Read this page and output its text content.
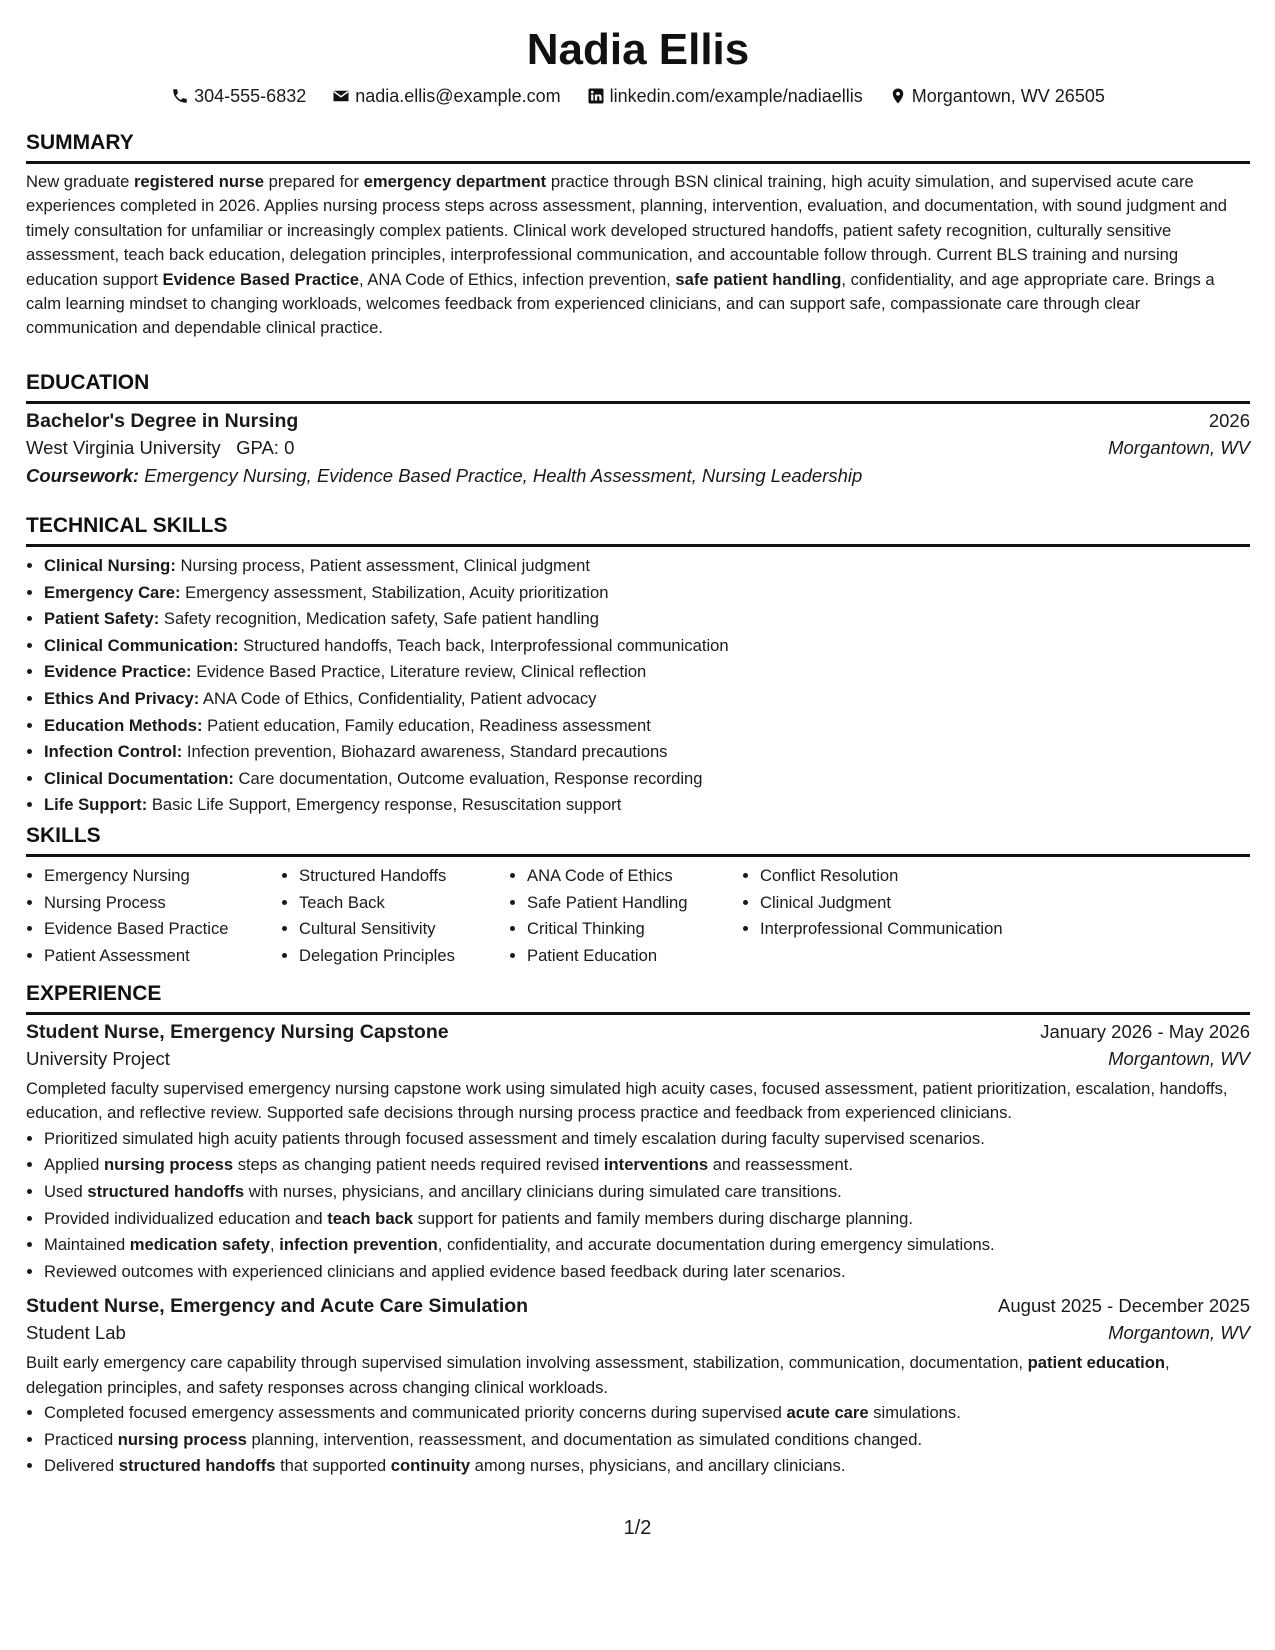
Nadia Ellis
304-555-6832	nadia.ellis@example.com	linkedin.com/example/nadiaellis	Morgantown, WV 26505
SUMMARY

New graduate registered nurse prepared for emergency department practice through BSN clinical training, high acuity simulation, and supervised acute care experiences completed in 2026. Applies nursing process steps across assessment, planning, intervention, evaluation, and documentation, with sound judgment and timely consultation for unfamiliar or increasingly complex patients. Clinical work developed structured handoffs, patient safety recognition, culturally sensitive assessment, teach back education, delegation principles, interprofessional communication, and accountable follow through. Current BLS training and nursing education support Evidence Based Practice, ANA Code of Ethics, infection prevention, safe patient handling, confidentiality, and age appropriate care. Brings a calm learning mindset to changing workloads, welcomes feedback from experienced clinicians, and can support safe, compassionate care through clear communication and dependable clinical practice.

EDUCATION
Bachelor's Degree in Nursing	2026
West Virginia University GPA: 0	Morgantown, WV
Coursework: Emergency Nursing, Evidence Based Practice, Health Assessment, Nursing Leadership
TECHNICAL SKILLS
• Clinical Nursing: Nursing process, Patient assessment, Clinical judgment
• Emergency Care: Emergency assessment, Stabilization, Acuity prioritization
• Patient Safety: Safety recognition, Medication safety, Safe patient handling
• Clinical Communication: Structured handoffs, Teach back, Interprofessional communication
• Evidence Practice: Evidence Based Practice, Literature review, Clinical reflection
• Ethics And Privacy: ANA Code of Ethics, Confidentiality, Patient advocacy
• Education Methods: Patient education, Family education, Readiness assessment
• Infection Control: Infection prevention, Biohazard awareness, Standard precautions
• Clinical Documentation: Care documentation, Outcome evaluation, Response recording
• Life Support: Basic Life Support, Emergency response, Resuscitation support
SKILLS
• Emergency Nursing
• Nursing Process
• Evidence Based Practice
• Patient Assessment
• Structured Handoffs
• Teach Back
• Cultural Sensitivity
• Delegation Principles
• ANA Code of Ethics
• Safe Patient Handling
• Critical Thinking
• Patient Education
• Conflict Resolution
• Clinical Judgment
• Interprofessional Communication
EXPERIENCE
Student Nurse, Emergency Nursing Capstone	January 2026 - May 2026
University Project	Morgantown, WV

Completed faculty supervised emergency nursing capstone work using simulated high acuity cases, focused assessment, patient prioritization, escalation, handoffs, education, and reflective review. Supported safe decisions through nursing process practice and feedback from experienced clinicians.

• Prioritized simulated high acuity patients through focused assessment and timely escalation during faculty supervised scenarios.
• Applied nursing process steps as changing patient needs required revised interventions and reassessment.
• Used structured handoffs with nurses, physicians, and ancillary clinicians during simulated care transitions.
• Provided individualized education and teach back support for patients and family members during discharge planning.
• Maintained medication safety, infection prevention, confidentiality, and accurate documentation during emergency simulations.
• Reviewed outcomes with experienced clinicians and applied evidence based feedback during later scenarios.
Student Nurse, Emergency and Acute Care Simulation	August 2025 - December 2025
Student Lab	Morgantown, WV

Built early emergency care capability through supervised simulation involving assessment, stabilization, communication, documentation, patient education, delegation principles, and safety responses across changing clinical workloads.

• Completed focused emergency assessments and communicated priority concerns during supervised acute care simulations.
• Practiced nursing process planning, intervention, reassessment, and documentation as simulated conditions changed.
• Delivered structured handoffs that supported continuity among nurses, physicians, and ancillary clinicians.
1/2
